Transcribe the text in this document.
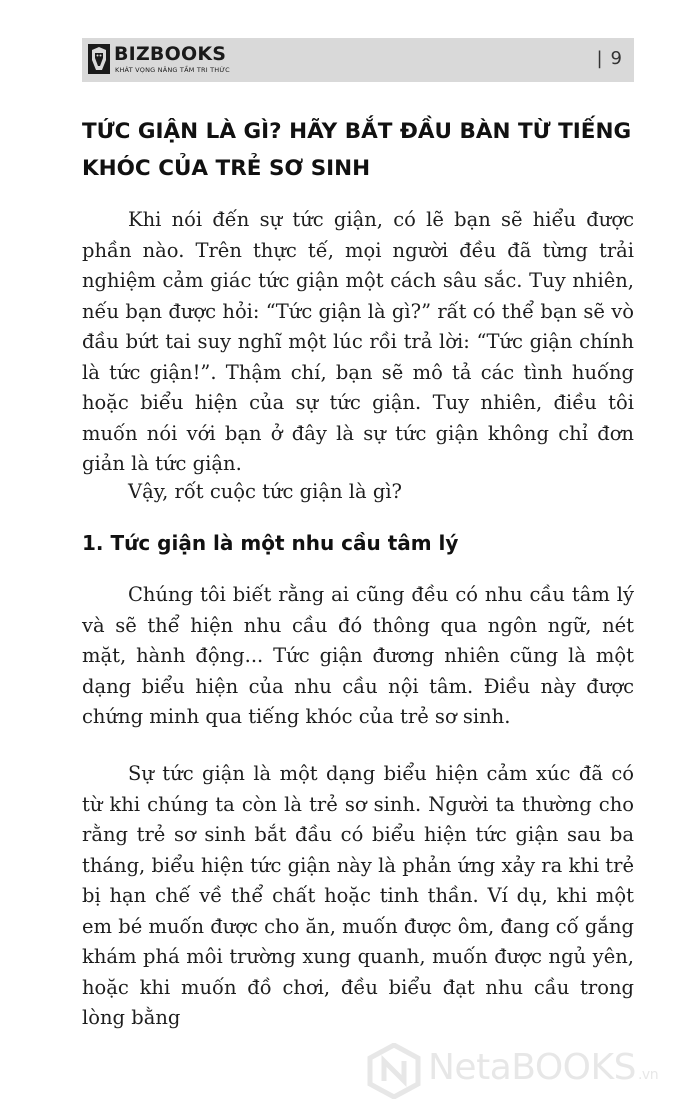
BIZBOOKS
KHÁT VỌNG NÂNG TẦM TRI THỨC
| 9
TỨC GIẬN LÀ GÌ? HÃY BẮT ĐẦU BÀN TỪ TIẾNG KHÓC CỦA TRẺ SƠ SINH

Khi nói đến sự tức giận, có lẽ bạn sẽ hiểu được phần nào. Trên thực tế, mọi người đều đã từng trải nghiệm cảm giác tức giận một cách sâu sắc. Tuy nhiên, nếu bạn được hỏi: “Tức giận là gì?” rất có thể bạn sẽ vò đầu bứt tai suy nghĩ một lúc rồi trả lời: “Tức giận chính là tức giận!”. Thậm chí, bạn sẽ mô tả các tình huống hoặc biểu hiện của sự tức giận. Tuy nhiên, điều tôi muốn nói với bạn ở đây là sự tức giận không chỉ đơn giản là tức giận.

Vậy, rốt cuộc tức giận là gì?

1. Tức giận là một nhu cầu tâm lý

Chúng tôi biết rằng ai cũng đều có nhu cầu tâm lý và sẽ thể hiện nhu cầu đó thông qua ngôn ngữ, nét mặt, hành động... Tức giận đương nhiên cũng là một dạng biểu hiện của nhu cầu nội tâm. Điều này được chứng minh qua tiếng khóc của trẻ sơ sinh.

Sự tức giận là một dạng biểu hiện cảm xúc đã có từ khi chúng ta còn là trẻ sơ sinh. Người ta thường cho rằng trẻ sơ sinh bắt đầu có biểu hiện tức giận sau ba tháng, biểu hiện tức giận này là phản ứng xảy ra khi trẻ bị hạn chế về thể chất hoặc tinh thần. Ví dụ, khi một em bé muốn được cho ăn, muốn được ôm, đang cố gắng khám phá môi trường xung quanh, muốn được ngủ yên, hoặc khi muốn đồ chơi, đều biểu đạt nhu cầu trong lòng bằng

NetaBOOKS .vn
